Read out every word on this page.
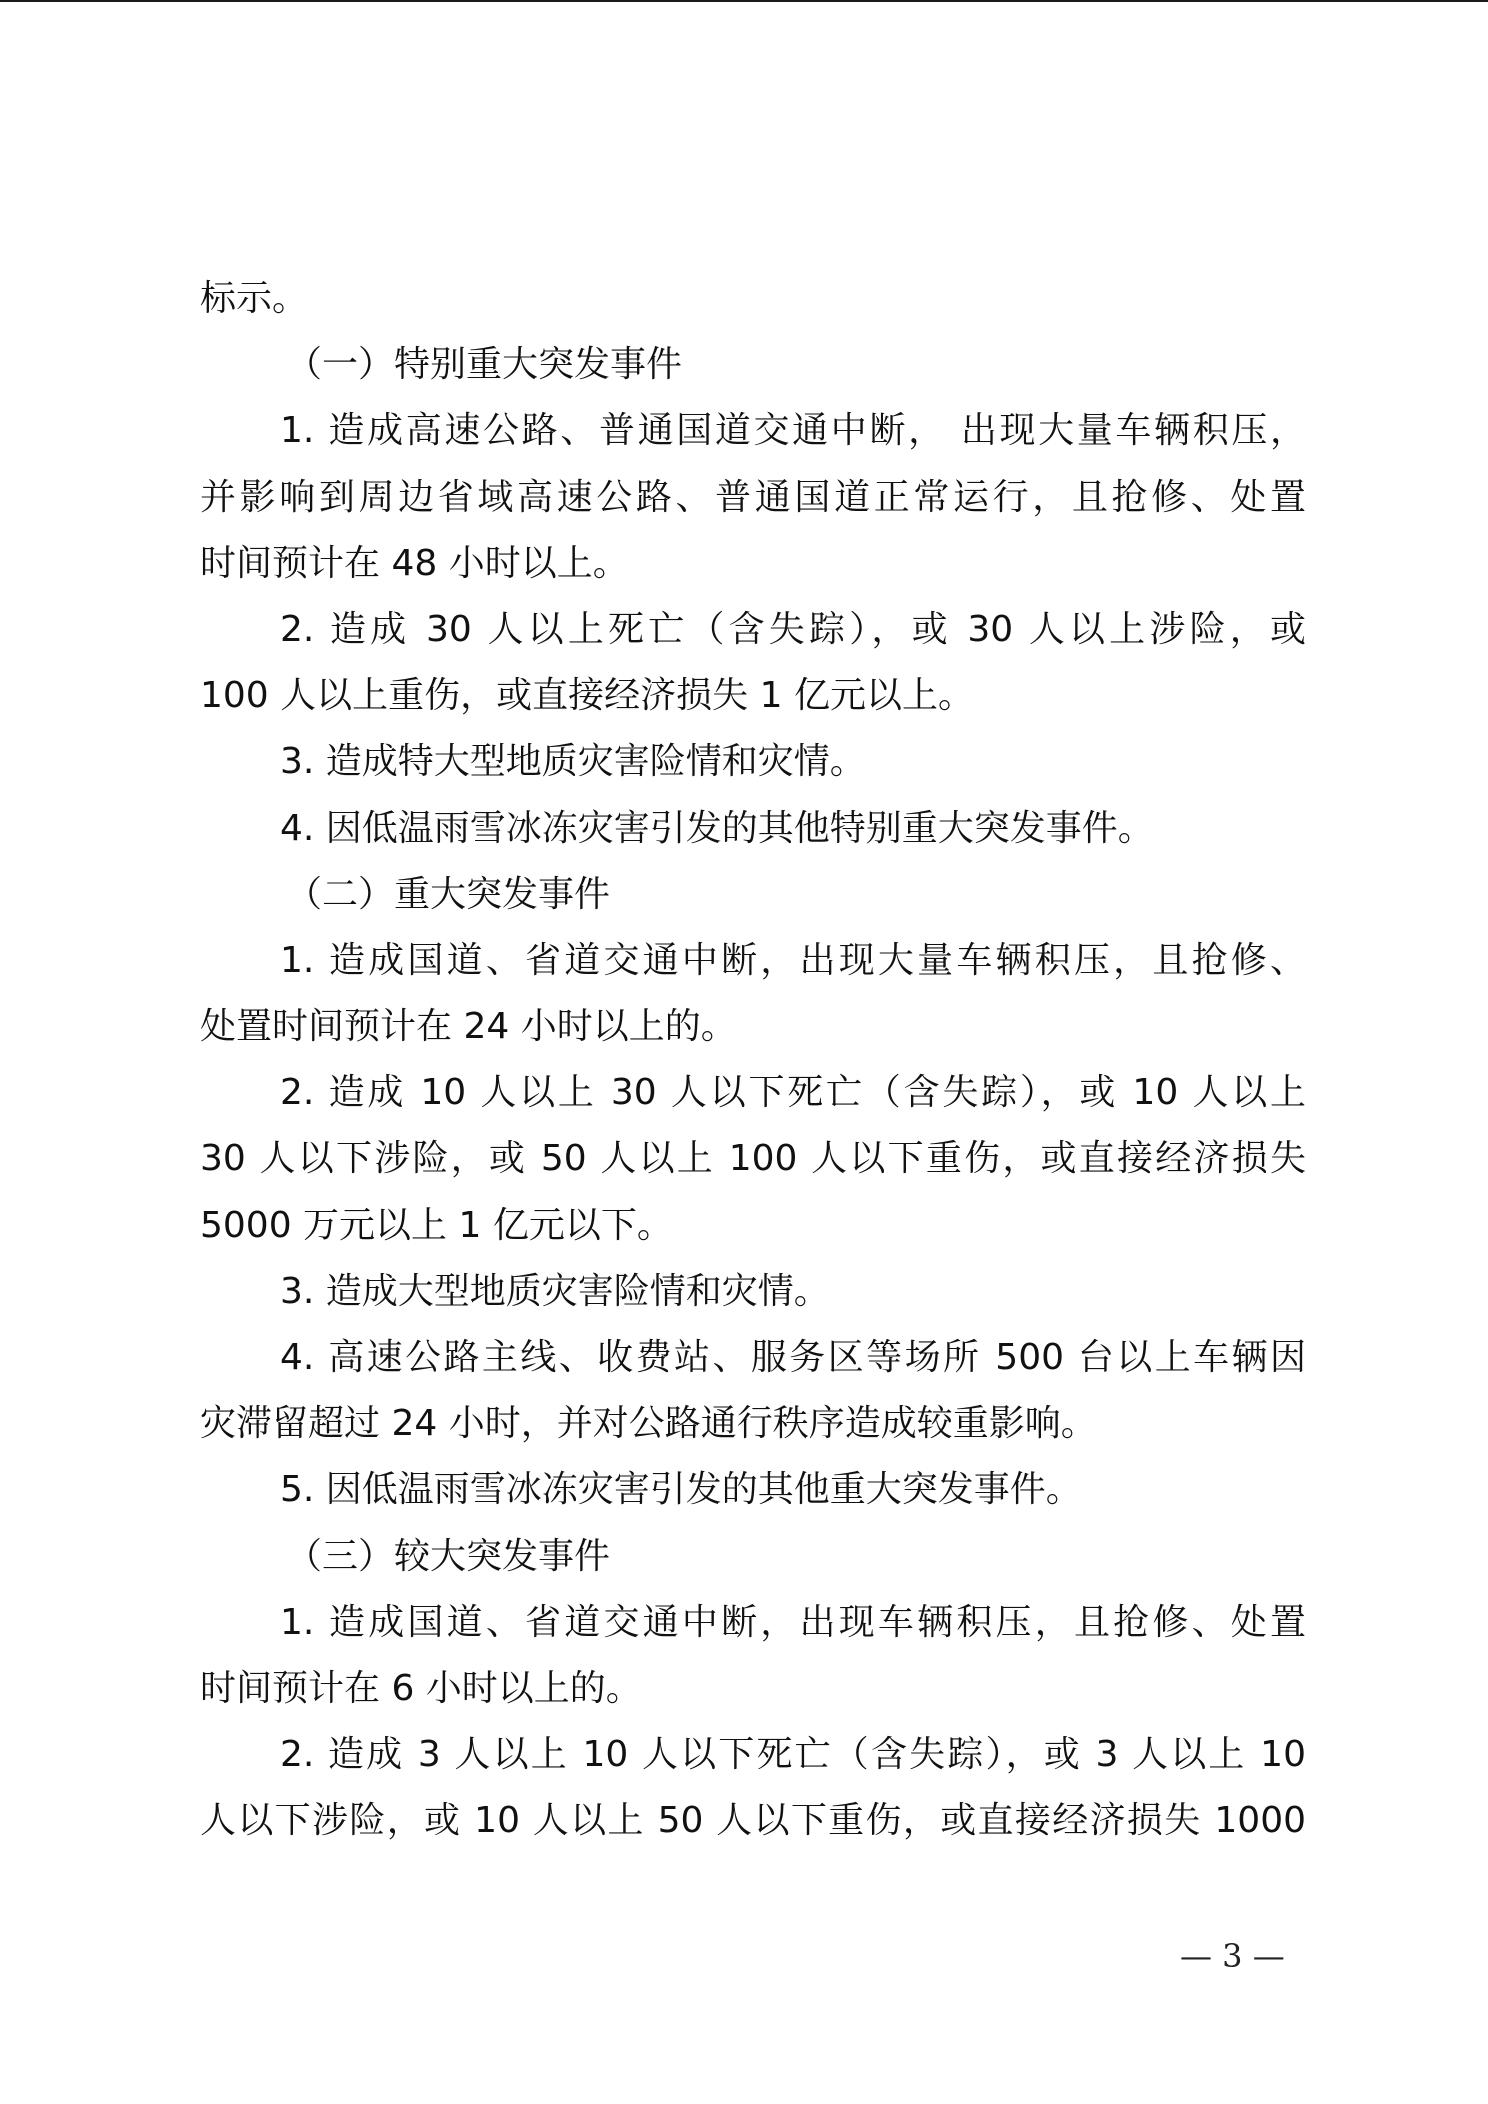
标示。
（一）特别重大突发事件
1. 造成高速公路、普通国道交通中断， 出现大量车辆积压，
并影响到周边省域高速公路、普通国道正常运行，且抢修、处置
时间预计在 48 小时以上。
2. 造成 30 人以上死亡（含失踪），或 30 人以上涉险，或
100 人以上重伤，或直接经济损失 1 亿元以上。
3. 造成特大型地质灾害险情和灾情。
4. 因低温雨雪冰冻灾害引发的其他特别重大突发事件。
（二）重大突发事件
1. 造成国道、省道交通中断，出现大量车辆积压，且抢修、
处置时间预计在 24 小时以上的。
2. 造成 10 人以上 30 人以下死亡（含失踪），或 10 人以上
30 人以下涉险，或 50 人以上 100 人以下重伤，或直接经济损失
5000 万元以上 1 亿元以下。
3. 造成大型地质灾害险情和灾情。
4. 高速公路主线、收费站、服务区等场所 500 台以上车辆因
灾滞留超过 24 小时，并对公路通行秩序造成较重影响。
5. 因低温雨雪冰冻灾害引发的其他重大突发事件。
（三）较大突发事件
1. 造成国道、省道交通中断，出现车辆积压，且抢修、处置
时间预计在 6 小时以上的。
2. 造成 3 人以上 10 人以下死亡（含失踪），或 3 人以上 10
人以下涉险，或 10 人以上 50 人以下重伤，或直接经济损失 1000
— 3 —
